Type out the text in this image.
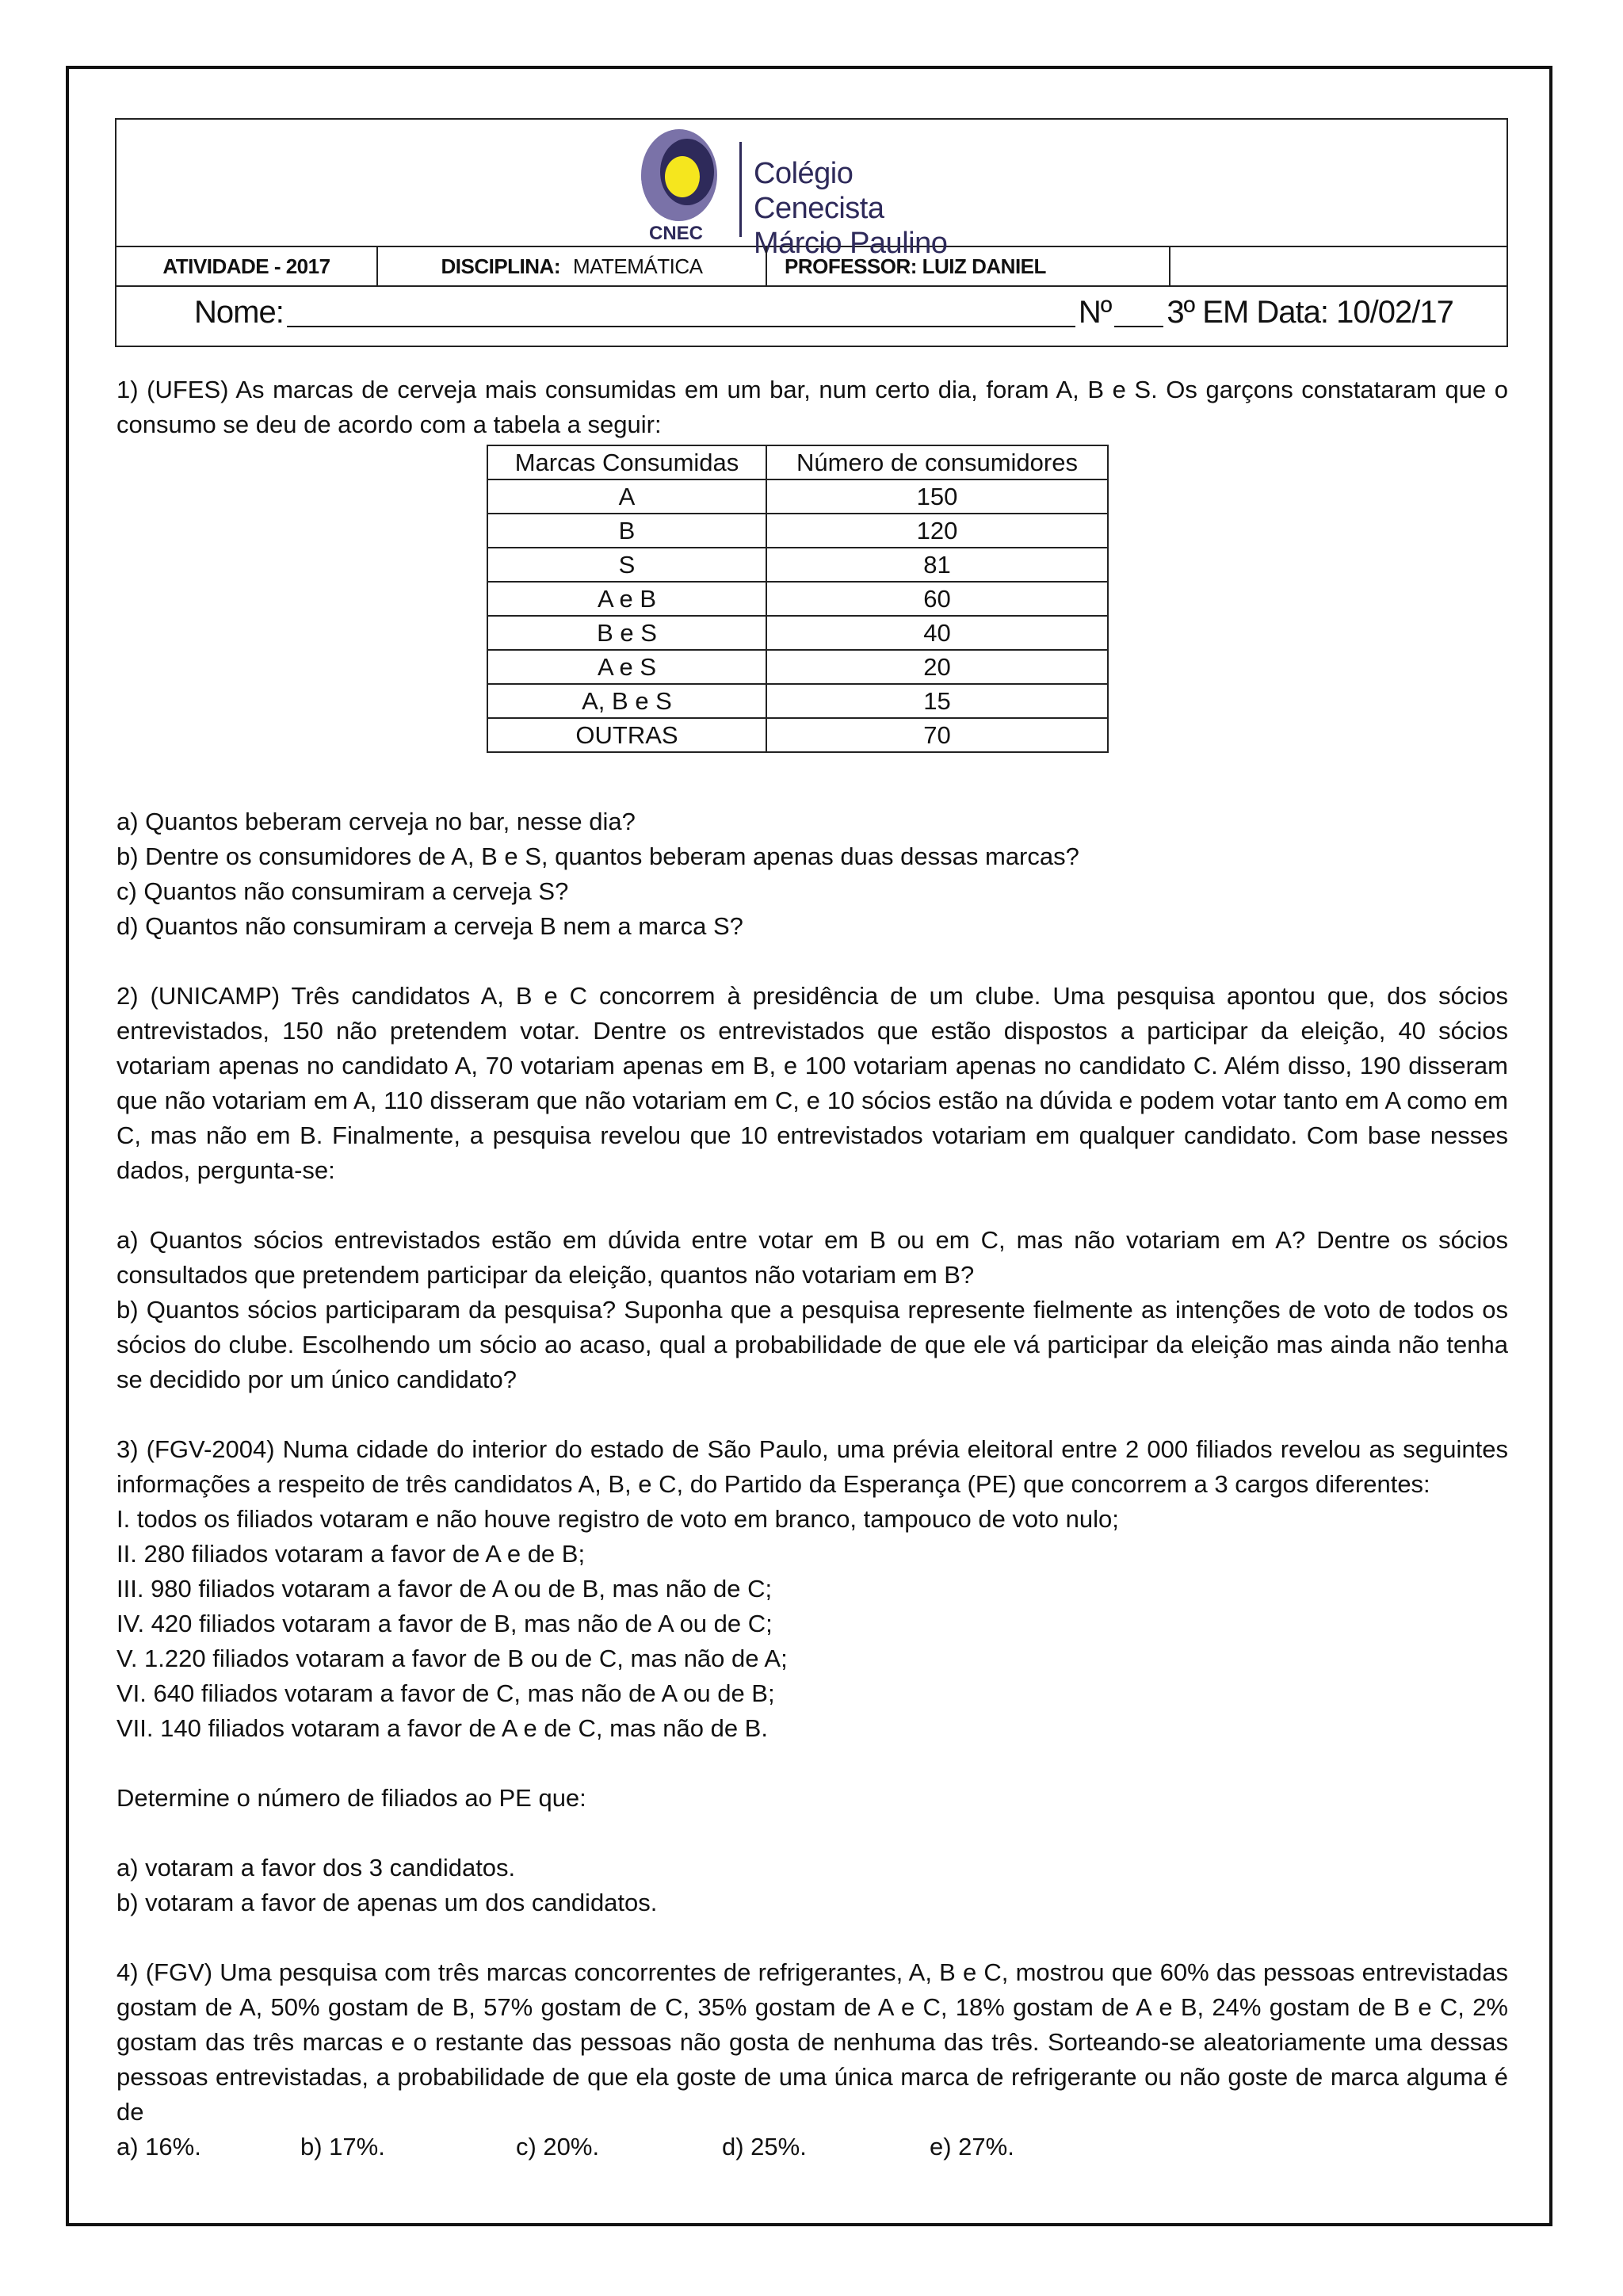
CNEC
Colégio Cenecista
Márcio Paulino
ATIVIDADE - 2017	DISCIPLINA: MATEMÁTICA	PROFESSOR: LUIZ DANIEL
Nome:	Nº 3º EM Data: 10/02/17

1) (UFES) As marcas de cerveja mais consumidas em um bar, num certo dia, foram A, B e S. Os garçons constataram que o consumo se deu de acordo com a tabela a seguir:

Marcas Consumidas	Número de consumidores
A	150
B	120
S	81
A e B	60
B e S	40
A e S	20
A, B e S	15
OUTRAS	70

a) Quantos beberam cerveja no bar, nesse dia?

b) Dentre os consumidores de A, B e S, quantos beberam apenas duas dessas marcas?

c) Quantos não consumiram a cerveja S?

d) Quantos não consumiram a cerveja B nem a marca S?

2) (UNICAMP) Três candidatos A, B e C concorrem à presidência de um clube. Uma pesquisa apontou que, dos sócios entrevistados, 150 não pretendem votar. Dentre os entrevistados que estão dispostos a participar da eleição, 40 sócios votariam apenas no candidato A, 70 votariam apenas em B, e 100 votariam apenas no candidato C. Além disso, 190 disseram que não votariam em A, 110 disseram que não votariam em C, e 10 sócios estão na dúvida e podem votar tanto em A como em C, mas não em B. Finalmente, a pesquisa revelou que 10 entrevistados votariam em qualquer candidato. Com base nesses dados, pergunta-se:

a) Quantos sócios entrevistados estão em dúvida entre votar em B ou em C, mas não votariam em A? Dentre os sócios consultados que pretendem participar da eleição, quantos não votariam em B?

b) Quantos sócios participaram da pesquisa? Suponha que a pesquisa represente fielmente as intenções de voto de todos os sócios do clube. Escolhendo um sócio ao acaso, qual a probabilidade de que ele vá participar da eleição mas ainda não tenha se decidido por um único candidato?

3) (FGV-2004) Numa cidade do interior do estado de São Paulo, uma prévia eleitoral entre 2 000 filiados revelou as seguintes informações a respeito de três candidatos A, B, e C, do Partido da Esperança (PE) que concorrem a 3 cargos diferentes:

I. todos os filiados votaram e não houve registro de voto em branco, tampouco de voto nulo;

II. 280 filiados votaram a favor de A e de B;

III. 980 filiados votaram a favor de A ou de B, mas não de C;

IV. 420 filiados votaram a favor de B, mas não de A ou de C;

V. 1.220 filiados votaram a favor de B ou de C, mas não de A;

VI. 640 filiados votaram a favor de C, mas não de A ou de B;

VII. 140 filiados votaram a favor de A e de C, mas não de B.

Determine o número de filiados ao PE que:

a) votaram a favor dos 3 candidatos.

b) votaram a favor de apenas um dos candidatos.

4) (FGV) Uma pesquisa com três marcas concorrentes de refrigerantes, A, B e C, mostrou que 60% das pessoas entrevistadas gostam de A, 50% gostam de B, 57% gostam de C, 35% gostam de A e C, 18% gostam de A e B, 24% gostam de B e C, 2% gostam das três marcas e o restante das pessoas não gosta de nenhuma das três. Sorteando-se aleatoriamente uma dessas pessoas entrevistadas, a probabilidade de que ela goste de uma única marca de refrigerante ou não goste de marca alguma é de

a) 16%.	b) 17%.	c) 20%.	d) 25%.	e) 27%.
